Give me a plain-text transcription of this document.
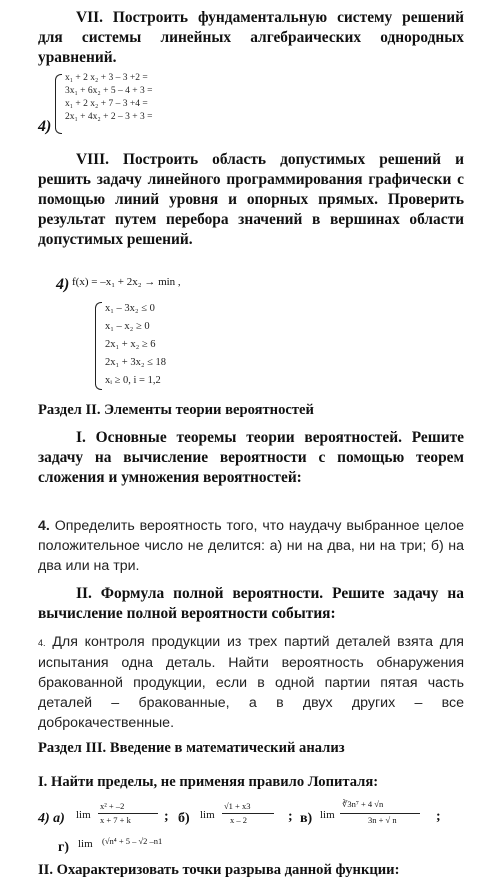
VII. Построить фундаментальную систему решений для системы линейных алгебраических однородных уравнений.
x₁ + 2 x₂ + 3 – 3 +2 =
3x₁ + 6x₂ + 5 – 4 + 3 =
x₁ + 2 x₂ + 7 – 3 +4 =
2x₁ + 4x₂ + 2 – 3 + 3 =
4)
VIII. Построить область допустимых решений и решить задачу линейного программирования графически с помощью линий уровня и опорных прямых. Проверить результат путем перебора значений в вершинах области допустимых решений.
4) f(x) = –x₁ + 2x₂ → min ,
x₁ – 3x₂ ≤ 0
x₁ – x₂ ≥ 0
2x₁ + x₂ ≥ 6
2x₁ + 3x₂ ≤ 18
xᵢ ≥ 0, i = 1,2
Раздел II. Элементы теории вероятностей
I. Основные теоремы теории вероятностей. Решите задачу на вычисление вероятности с помощью теорем сложения и умножения вероятностей:
4. Определить вероятность того, что наудачу выбранное целое положительное число не делится: а) ни на два, ни на три; б) на два или на три.
II. Формула полной вероятности. Решите задачу на вычисление полной вероятности события:
4. Для контроля продукции из трех партий деталей взята для испытания одна деталь. Найти вероятность обнаружения бракованной продукции, если в одной партии пятая часть деталей – бракованные, а в двух других – все доброкачественные.
Раздел III. Введение в математический анализ
I. Найти пределы, не применяя правило Лопиталя:
4) а) lim
x² + –2
x + 7 + k ; б) lim
√1 + x3
x – 2	; в) lim
∛3n⁷ + 4 √n
3n + √ n	;
г) lim (√n⁴ + 5 – √2 –n1
II. Охарактеризовать точки разрыва данной функции:
